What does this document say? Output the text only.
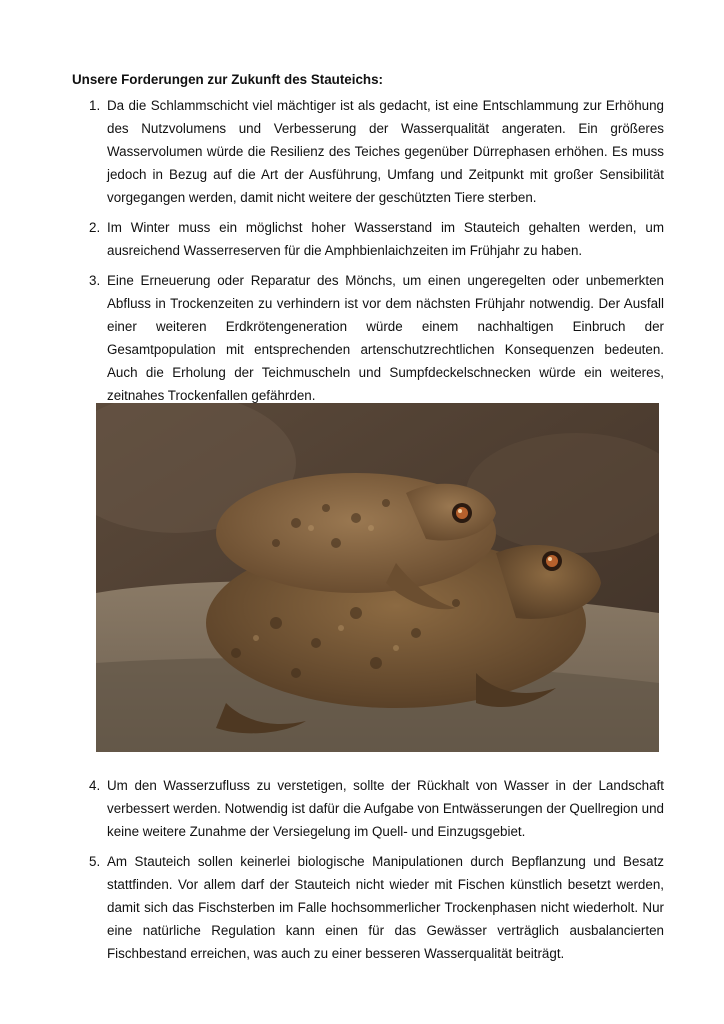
Unsere Forderungen zur Zukunft des Stauteichs:
1. Da die Schlammschicht viel mächtiger ist als gedacht, ist eine Entschlammung zur Erhöhung des Nutzvolumens und Verbesserung der Wasserqualität angeraten. Ein größeres Wasservolumen würde die Resilienz des Teiches gegenüber Dürrephasen erhöhen. Es muss jedoch in Bezug auf die Art der Ausführung, Umfang und Zeitpunkt mit großer Sensibilität vorgegangen werden, damit nicht weitere der geschützten Tiere sterben.
2. Im Winter muss ein möglichst hoher Wasserstand im Stauteich gehalten werden, um ausreichend Wasserreserven für die Amphbienlaichzeiten im Frühjahr zu haben.
3. Eine Erneuerung oder Reparatur des Mönchs, um einen ungeregelten oder unbemerkten Abfluss in Trockenzeiten zu verhindern ist vor dem nächsten Frühjahr notwendig. Der Ausfall einer weiteren Erdkrötengeneration würde einem nachhaltigen Einbruch der Gesamtpopulation mit entsprechenden artenschutzrechtlichen Konsequenzen bedeuten. Auch die Erholung der Teichmuscheln und Sumpfdeckelschnecken würde ein weiteres, zeitnahes Trockenfallen gefährden.
4. Um den Wasserzufluss zu verstetigen, sollte der Rückhalt von Wasser in der Landschaft verbessert werden. Notwendig ist dafür die Aufgabe von Entwässerungen der Quellregion und keine weitere Zunahme der Versiegelung im Quell- und Einzugsgebiet.
5. Am Stauteich sollen keinerlei biologische Manipulationen durch Bepflanzung und Besatz stattfinden. Vor allem darf der Stauteich nicht wieder mit Fischen künstlich besetzt werden, damit sich das Fischsterben im Falle hochsommerlicher Trockenphasen nicht wiederholt. Nur eine natürliche Regulation kann einen für das Gewässer verträglich ausbalancierten Fischbestand erreichen, was auch zu einer besseren Wasserqualität beiträgt.
